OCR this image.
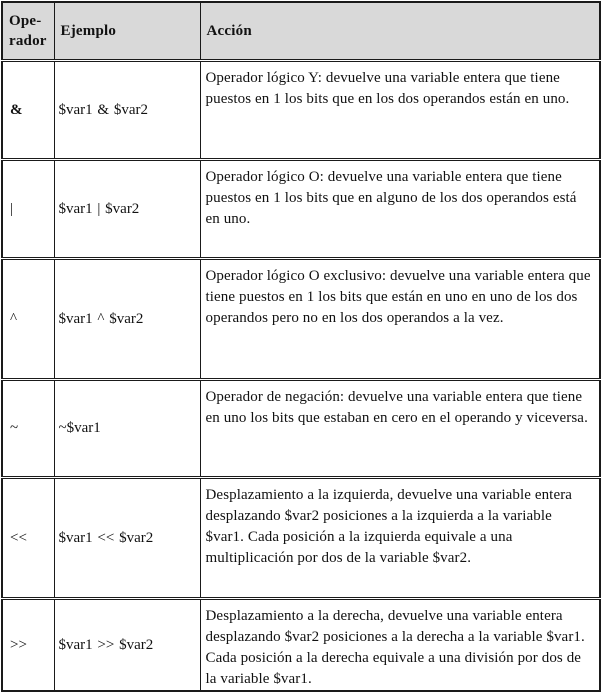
Ope-
rador	Ejemplo	Acción
&	$var1 & $var2	Operador lógico Y: devuelve una variable entera que tiene puestos en 1 los bits que en los dos operandos están en uno.
|	$var1 | $var2	Operador lógico O: devuelve una variable entera que tiene puestos en 1 los bits que en alguno de los dos operandos está en uno.
^	$var1 ^ $var2	Operador lógico O exclusivo: devuelve una variable entera que tiene puestos en 1 los bits que están en uno en uno de los dos operandos pero no en los dos operandos a la vez.
~	~$var1	Operador de negación: devuelve una variable entera que tiene en uno los bits que estaban en cero en el operando y viceversa.
<<	$var1 << $var2	Desplazamiento a la izquierda, devuelve una variable entera desplazando $var2 posiciones a la izquierda a la variable $var1. Cada posición a la izquierda equivale a una multiplicación por dos de la variable $var2.
>>	$var1 >> $var2	Desplazamiento a la derecha, devuelve una variable entera desplazando $var2 posiciones a la derecha a la variable $var1. Cada posición a la derecha equivale a una división por dos de la variable $var1.
